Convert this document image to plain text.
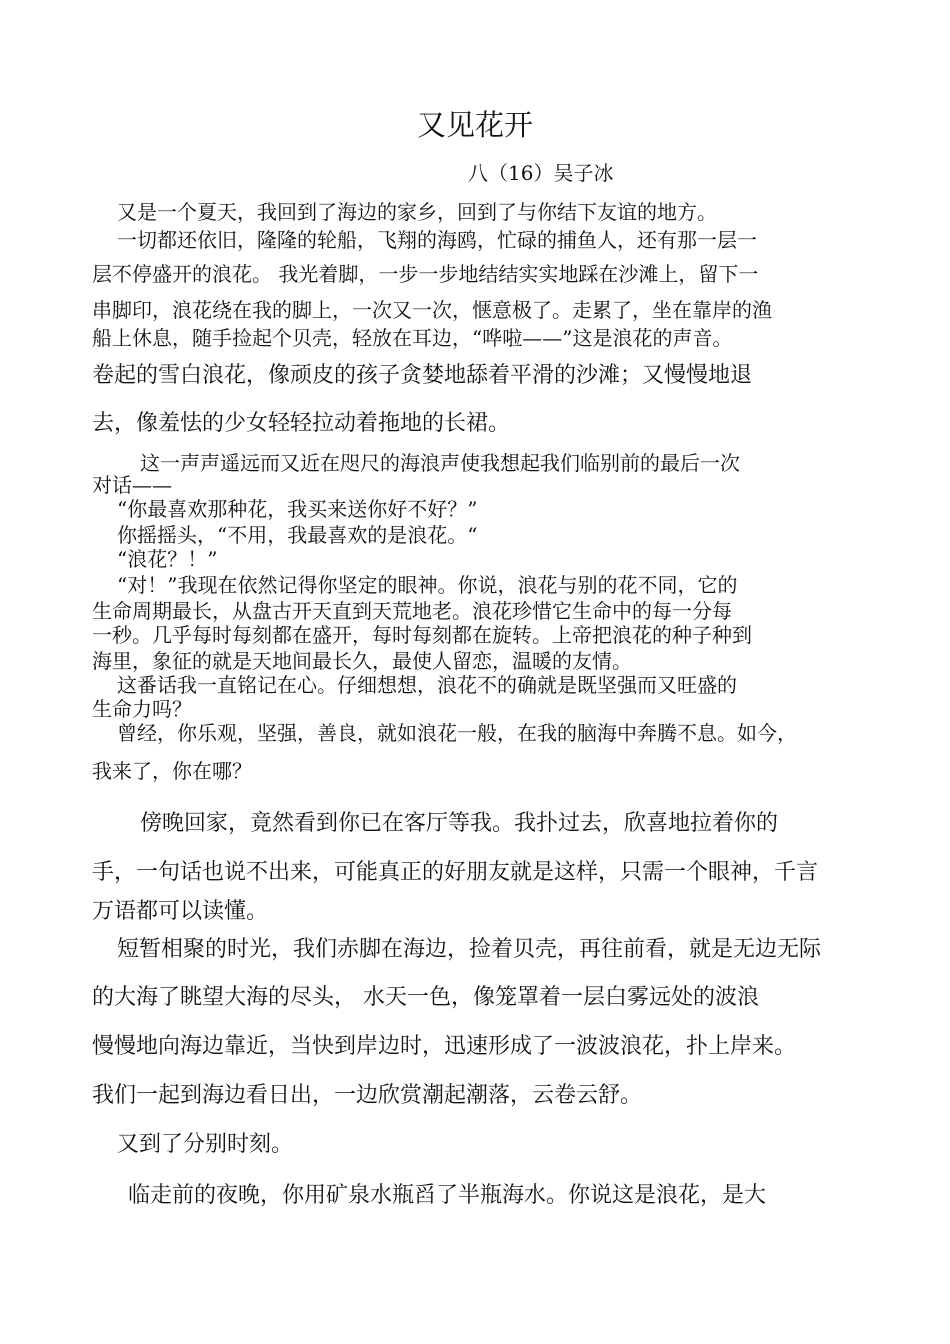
又见花开
八（16）吴子冰
又是一个夏天，我回到了海边的家乡，回到了与你结下友谊的地方。
一切都还依旧，隆隆的轮船，飞翔的海鸥，忙碌的捕鱼人，还有那一层一
层不停盛开的浪花。 我光着脚，一步一步地结结实实地踩在沙滩上，留下一
串脚印，浪花绕在我的脚上，一次又一次，惬意极了。走累了，坐在靠岸的渔
船上休息，随手捡起个贝壳，轻放在耳边，“哗啦——”这是浪花的声音。
卷起的雪白浪花，像顽皮的孩子贪婪地舔着平滑的沙滩；又慢慢地退
去，像羞怯的少女轻轻拉动着拖地的长裙。
这一声声遥远而又近在咫尺的海浪声使我想起我们临别前的最后一次
对话——
“你最喜欢那种花，我买来送你好不好？”
你摇摇头，“不用，我最喜欢的是浪花。“
“浪花？！”
“对！”我现在依然记得你坚定的眼神。你说，浪花与别的花不同，它的
生命周期最长，从盘古开天直到天荒地老。浪花珍惜它生命中的每一分每
一秒。几乎每时每刻都在盛开，每时每刻都在旋转。上帝把浪花的种子种到
海里，象征的就是天地间最长久，最使人留恋，温暖的友情。
这番话我一直铭记在心。仔细想想，浪花不的确就是既坚强而又旺盛的
生命力吗？
曾经，你乐观，坚强，善良，就如浪花一般，在我的脑海中奔腾不息。如今，
我来了，你在哪？
傍晚回家，竟然看到你已在客厅等我。我扑过去，欣喜地拉着你的
手，一句话也说不出来，可能真正的好朋友就是这样，只需一个眼神，千言
万语都可以读懂。
短暂相聚的时光，我们赤脚在海边，捡着贝壳，再往前看，就是无边无际
的大海了眺望大海的尽头， 水天一色，像笼罩着一层白雾远处的波浪
慢慢地向海边靠近，当快到岸边时，迅速形成了一波波浪花，扑上岸来。
我们一起到海边看日出，一边欣赏潮起潮落，云卷云舒。
又到了分别时刻。
临走前的夜晚，你用矿泉水瓶舀了半瓶海水。你说这是浪花，是大
